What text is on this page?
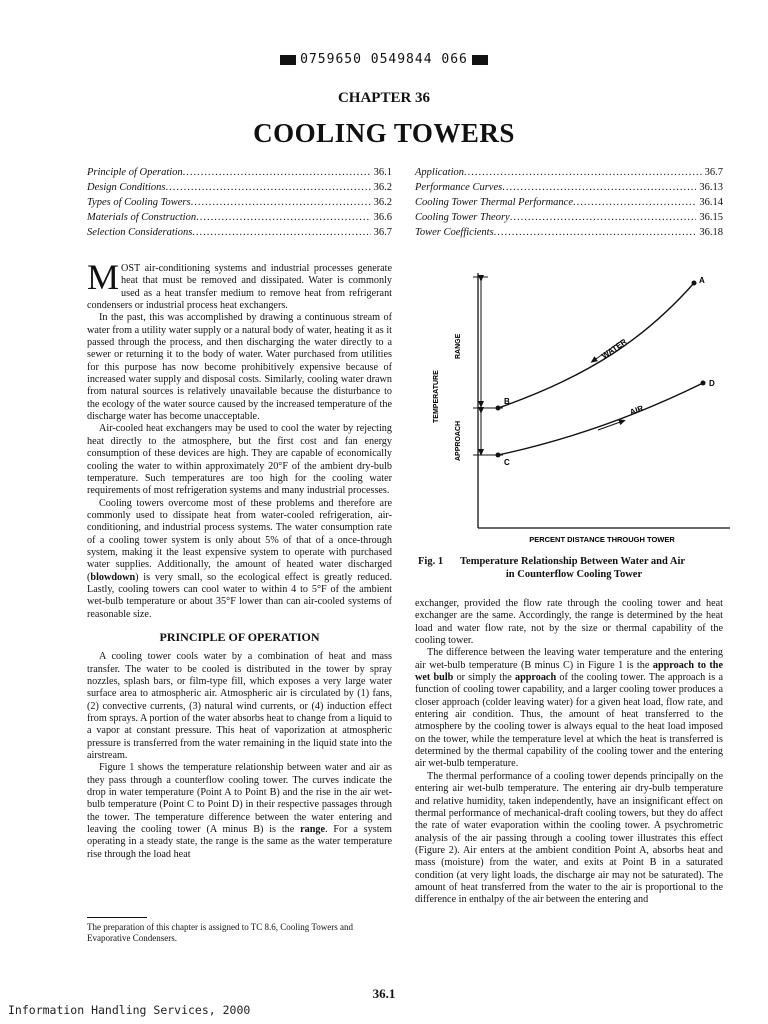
0759650 0549844 066
CHAPTER 36
COOLING TOWERS
Principle of Operation .....	36.1
Design Conditions .....	36.2
Types of Cooling Towers .....	36.2
Materials of Construction .....	36.6
Selection Considerations .....	36.7
Application .....	36.7
Performance Curves .....	36.13
Cooling Tower Thermal Performance .....	36.14
Cooling Tower Theory .....	36.15
Tower Coefficients .....	36.18

MOST air-conditioning systems and industrial processes generate heat that must be removed and dissipated. Water is commonly used as a heat transfer medium to remove heat from refrigerant condensers or industrial process heat exchangers.

In the past, this was accomplished by drawing a continuous stream of water from a utility water supply or a natural body of water, heating it as it passed through the process, and then discharging the water directly to a sewer or returning it to the body of water. Water purchased from utilities for this purpose has now become prohibitively expensive because of increased water supply and disposal costs. Similarly, cooling water drawn from natural sources is relatively unavailable because the disturbance to the ecology of the water source caused by the increased temperature of the discharge water has become unacceptable.

Air-cooled heat exchangers may be used to cool the water by rejecting heat directly to the atmosphere, but the first cost and fan energy consumption of these devices are high. They are capable of economically cooling the water to within approximately 20°F of the ambient dry-bulb temperature. Such temperatures are too high for the cooling water requirements of most refrigeration systems and many industrial processes.

Cooling towers overcome most of these problems and therefore are commonly used to dissipate heat from water-cooled refrigeration, air-conditioning, and industrial process systems. The water consumption rate of a cooling tower system is only about 5% of that of a once-through system, making it the least expensive system to operate with purchased water supplies. Additionally, the amount of heated water discharged (blowdown) is very small, so the ecological effect is greatly reduced. Lastly, cooling towers can cool water to within 4 to 5°F of the ambient wet-bulb temperature or about 35°F lower than can air-cooled systems of reasonable size.

PRINCIPLE OF OPERATION

A cooling tower cools water by a combination of heat and mass transfer. The water to be cooled is distributed in the tower by spray nozzles, splash bars, or film-type fill, which exposes a very large water surface area to atmospheric air. Atmospheric air is circulated by (1) fans, (2) convective currents, (3) natural wind currents, or (4) induction effect from sprays. A portion of the water absorbs heat to change from a liquid to a vapor at constant pressure. This heat of vaporization at atmospheric pressure is transferred from the water remaining in the liquid state into the airstream.

Figure 1 shows the temperature relationship between water and air as they pass through a counterflow cooling tower. The curves indicate the drop in water temperature (Point A to Point B) and the rise in the air wet-bulb temperature (Point C to Point D) in their respective passages through the tower. The temperature difference between the water entering and leaving the cooling tower (A minus B) is the range. For a system operating in a steady state, the range is the same as the water temperature rise through the load heat

The preparation of this chapter is assigned to TC 8.6, Cooling Towers and Evaporative Condensers.
A
D
B
C
WATER
AIR
TEMPERATURE
RANGE
APPROACH
PERCENT DISTANCE THROUGH TOWER
Fig. 1 Temperature Relationship Between Water and Air
in Counterflow Cooling Tower

exchanger, provided the flow rate through the cooling tower and heat exchanger are the same. Accordingly, the range is determined by the heat load and water flow rate, not by the size or thermal capability of the cooling tower.

The difference between the leaving water temperature and the entering air wet-bulb temperature (B minus C) in Figure 1 is the approach to the wet bulb or simply the approach of the cooling tower. The approach is a function of cooling tower capability, and a larger cooling tower produces a closer approach (colder leaving water) for a given heat load, flow rate, and entering air condition. Thus, the amount of heat transferred to the atmosphere by the cooling tower is always equal to the heat load imposed on the tower, while the temperature level at which the heat is transferred is determined by the thermal capability of the cooling tower and the entering air wet-bulb temperature.

The thermal performance of a cooling tower depends principally on the entering air wet-bulb temperature. The entering air dry-bulb temperature and relative humidity, taken independently, have an insignificant effect on thermal performance of mechanical-draft cooling towers, but they do affect the rate of water evaporation within the cooling tower. A psychrometric analysis of the air passing through a cooling tower illustrates this effect (Figure 2). Air enters at the ambient condition Point A, absorbs heat and mass (moisture) from the water, and exits at Point B in a saturated condition (at very light loads, the discharge air may not be saturated). The amount of heat transferred from the water to the air is proportional to the difference in enthalpy of the air between the entering and

36.1
Information Handling Services, 2000
